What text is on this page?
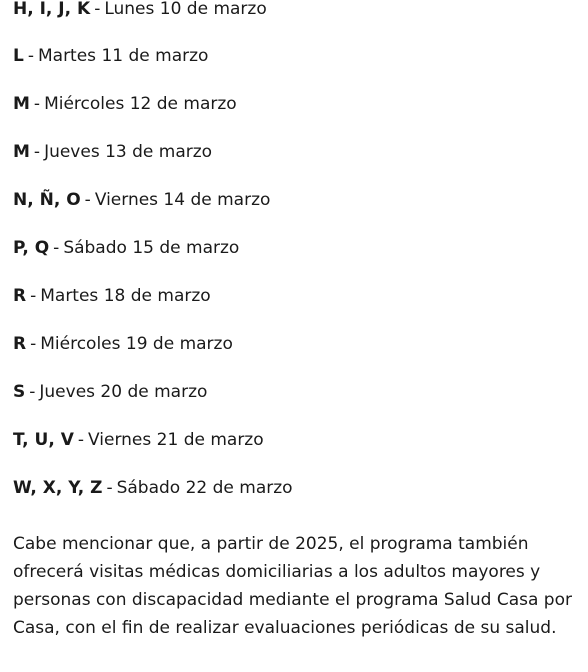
H, I, J, K - Lunes 10 de marzo
L - Martes 11 de marzo
M - Miércoles 12 de marzo
M - Jueves 13 de marzo
N, Ñ, O - Viernes 14 de marzo
P, Q - Sábado 15 de marzo
R - Martes 18 de marzo
R - Miércoles 19 de marzo
S - Jueves 20 de marzo
T, U, V - Viernes 21 de marzo
W, X, Y, Z - Sábado 22 de marzo

Cabe mencionar que, a partir de 2025, el programa también ofrecerá visitas médicas domiciliarias a los adultos mayores y personas con discapacidad mediante el programa Salud Casa por Casa, con el fin de realizar evaluaciones periódicas de su salud.
